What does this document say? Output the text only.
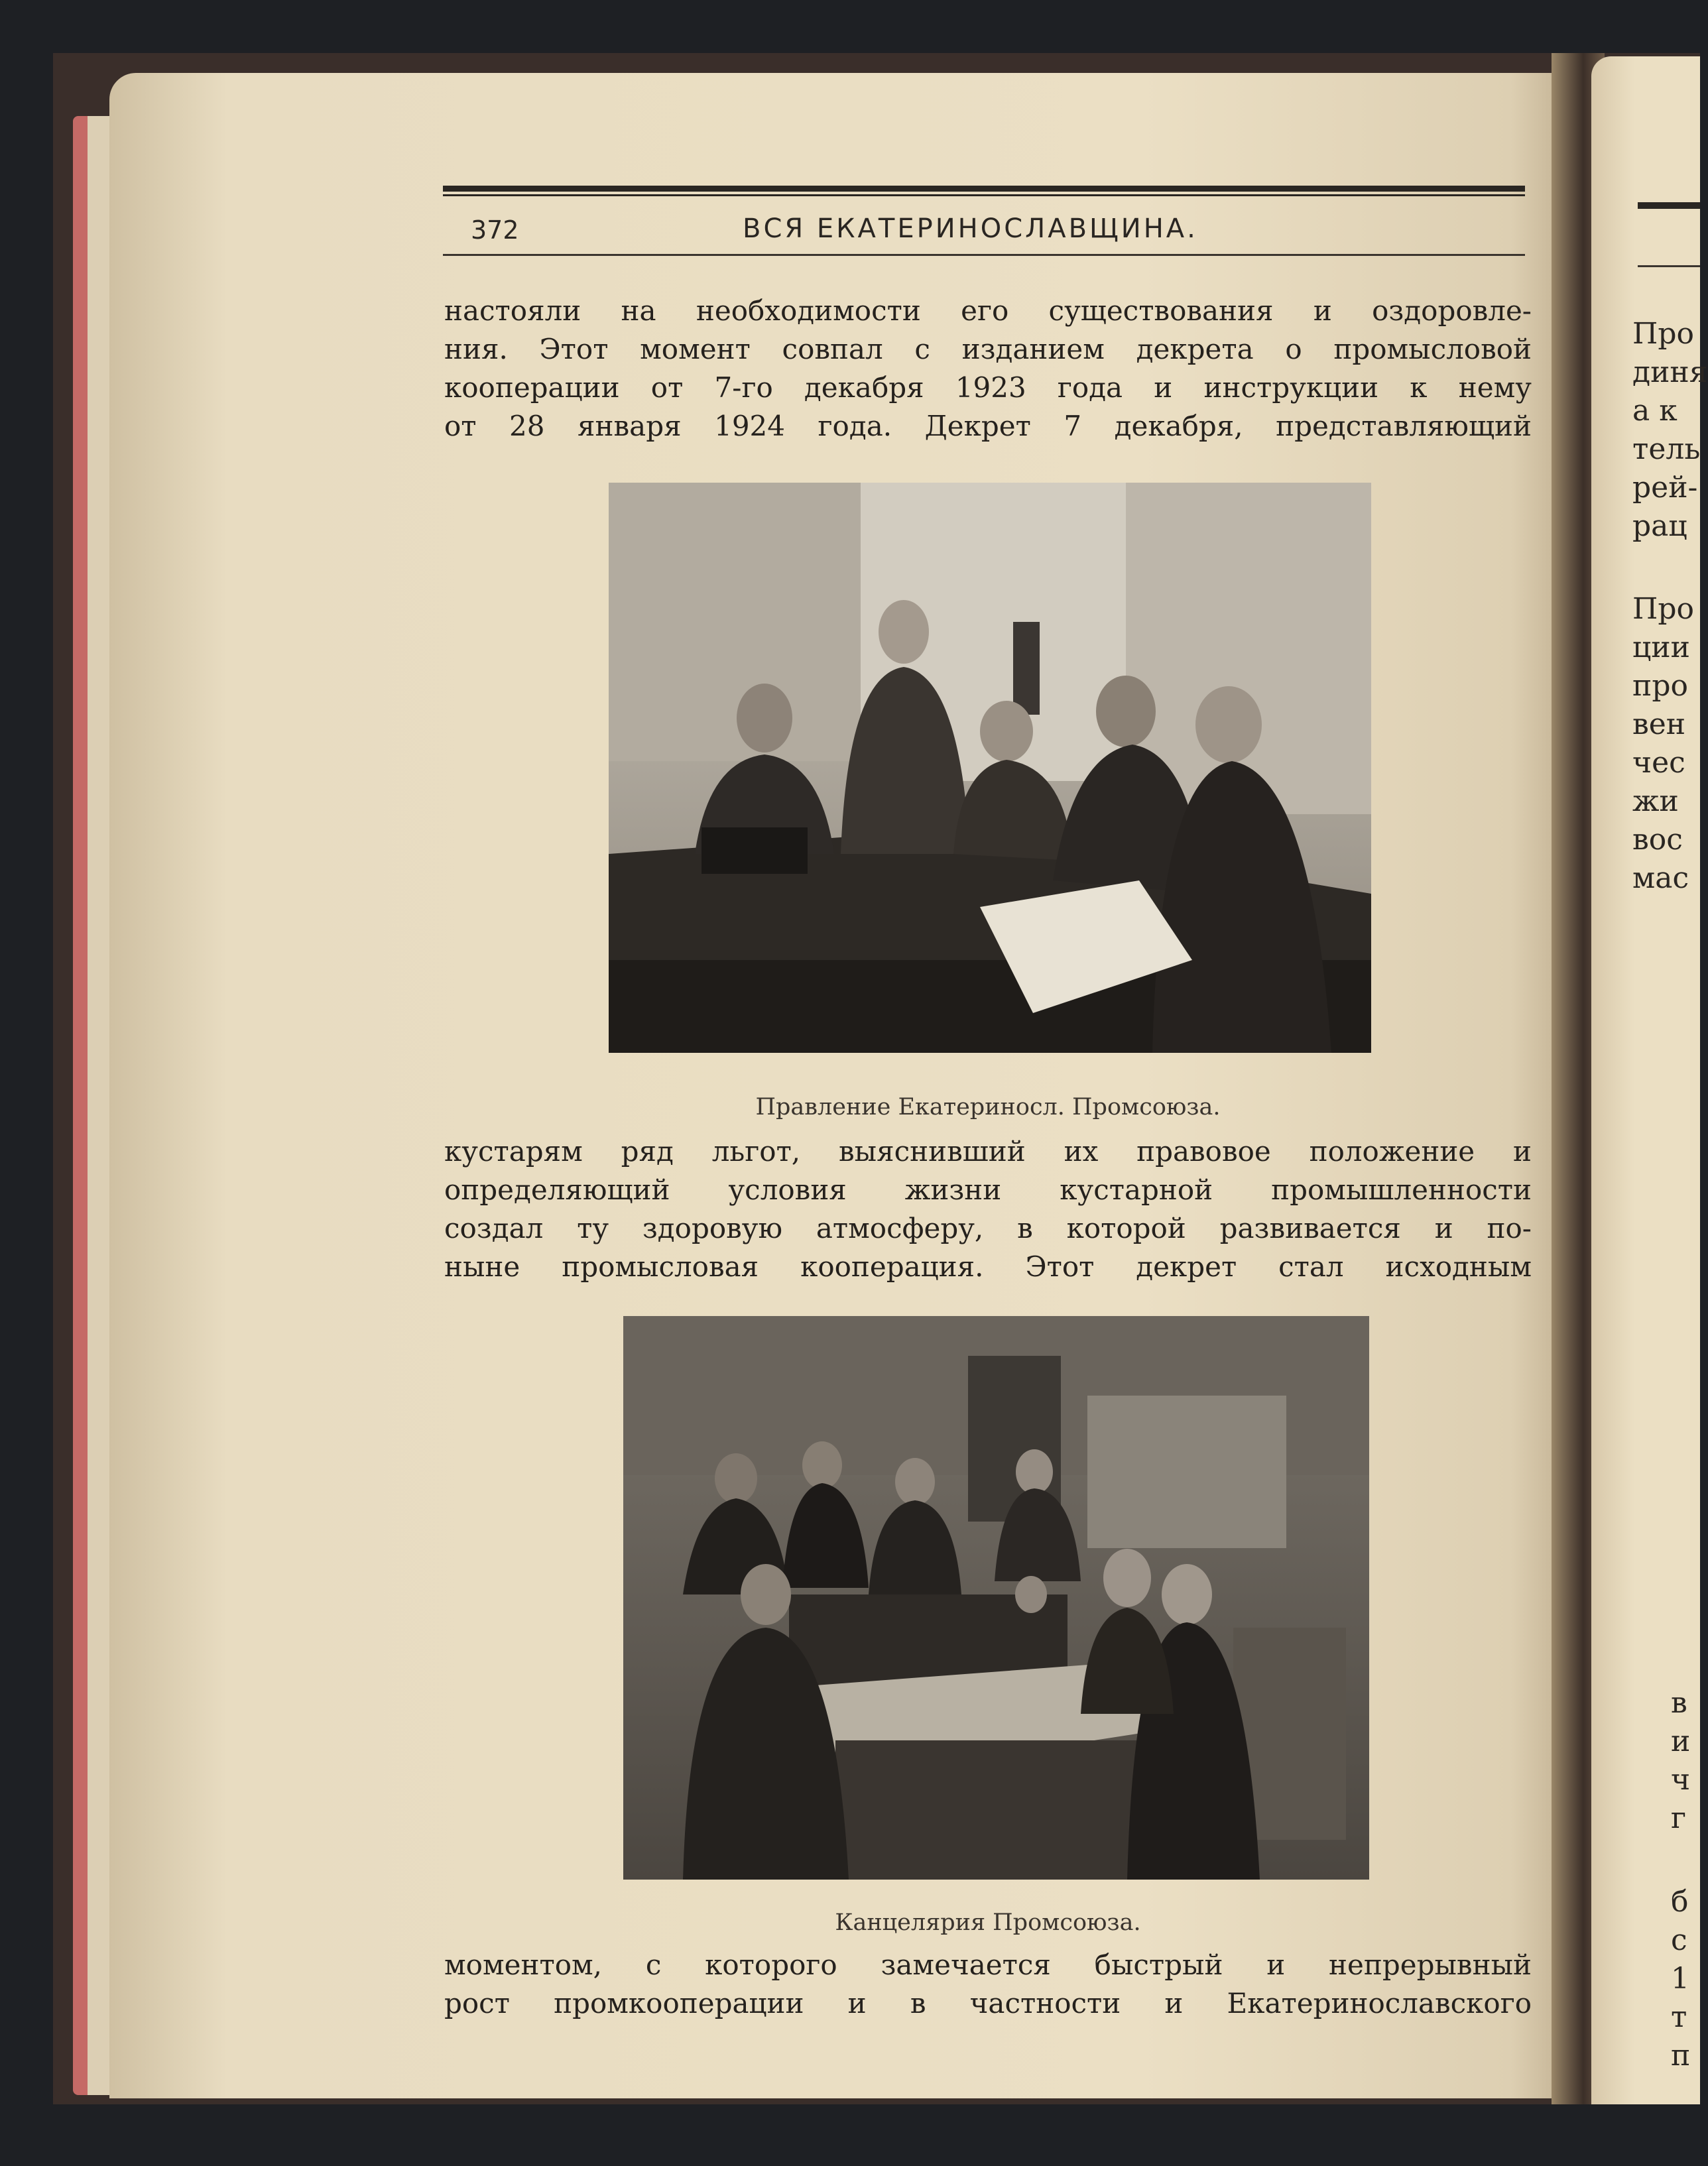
372	ВСЯ ЕКАТЕРИНОСЛАВЩИНА.
настояли на необходимости его существования и оздоровле-
ния. Этот момент совпал с изданием декрета о промысловой
кооперации от 7-го декабря 1923 года и инструкции к нему
от 28 января 1924 года. Декрет 7 декабря, представляющий
Правление Екатериносл. Промсоюза.
кустарям ряд льгот, выяснивший их правовое положение и
определяющий условия жизни кустарной промышленности
создал ту здоровую атмосферу, в которой развивается и по-
ныне промысловая кооперация. Этот декрет стал исходным
Канцелярия Промсоюза.
моментом, с которого замечается быстрый и непрерывный
рост промкооперации и в частности и Екатеринославского
Про
диня
а к
тель
рей-
рац
Про
ции
про
вен
чес
жи
вос
мас
в
и
ч
г
б
с
1
т
п
